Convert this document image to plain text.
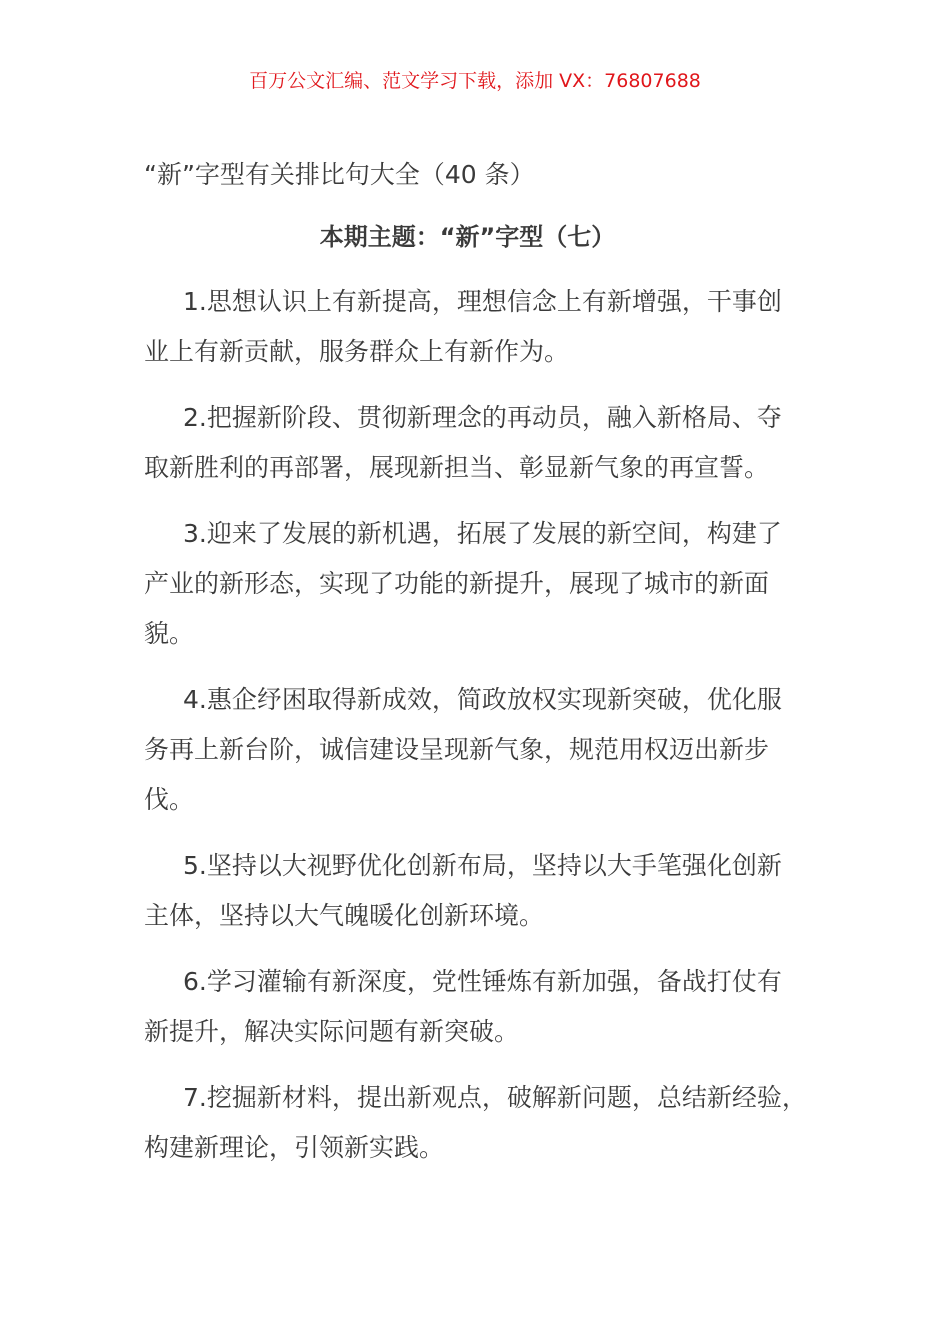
百万公文汇编、范文学习下载，添加 VX：76807688
“新”字型有关排比句大全（40 条）
本期主题：“新”字型（七）
1.思想认识上有新提高，理想信念上有新增强，干事创
业上有新贡献，服务群众上有新作为。
2.把握新阶段、贯彻新理念的再动员，融入新格局、夺
取新胜利的再部署，展现新担当、彰显新气象的再宣誓。
3.迎来了发展的新机遇，拓展了发展的新空间，构建了
产业的新形态，实现了功能的新提升，展现了城市的新面
貌。
4.惠企纾困取得新成效，简政放权实现新突破，优化服
务再上新台阶，诚信建设呈现新气象，规范用权迈出新步
伐。
5.坚持以大视野优化创新布局，坚持以大手笔强化创新
主体，坚持以大气魄暖化创新环境。
6.学习灌输有新深度，党性锤炼有新加强，备战打仗有
新提升，解决实际问题有新突破。
7.挖掘新材料，提出新观点，破解新问题，总结新经验，
构建新理论，引领新实践。
